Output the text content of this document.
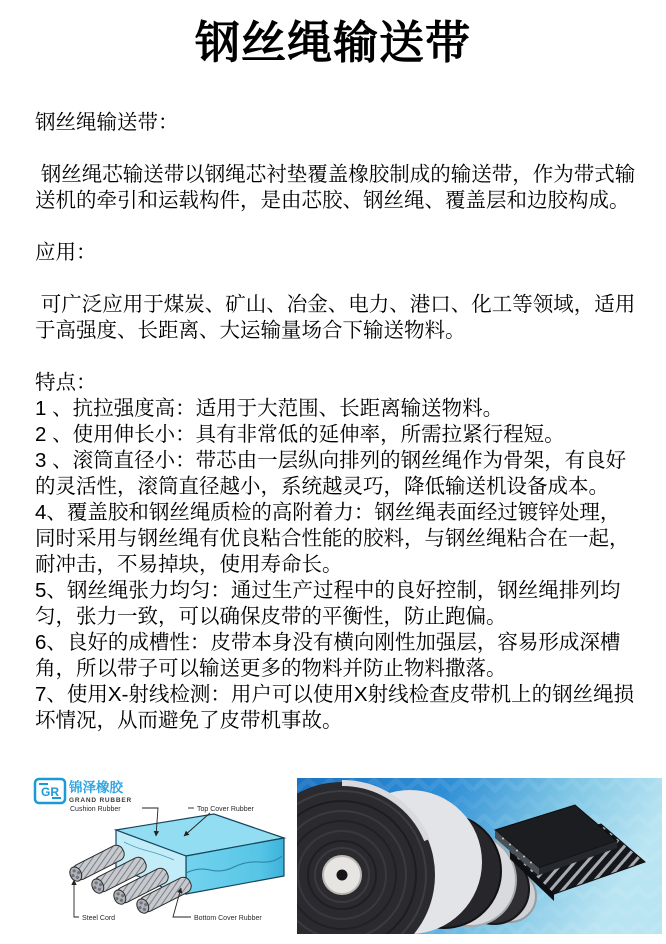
钢丝绳输送带

钢丝绳输送带：

钢丝绳芯输送带以钢绳芯衬垫覆盖橡胶制成的输送带，作为带式输送机的牵引和运载构件，是由芯胶、钢丝绳、覆盖层和边胶构成。

应用：

可广泛应用于煤炭、矿山、冶金、电力、港口、化工等领域，适用于高强度、长距离、大运输量场合下输送物料。

特点：
1 、抗拉强度高：适用于大范围、长距离输送物料。
2 、使用伸长小：具有非常低的延伸率，所需拉紧行程短。
3 、滚筒直径小：带芯由一层纵向排列的钢丝绳作为骨架，有良好的灵活性，滚筒直径越小，系统越灵巧，降低输送机设备成本。
4、覆盖胶和钢丝绳质检的高附着力：钢丝绳表面经过镀锌处理，同时采用与钢丝绳有优良粘合性能的胶料，与钢丝绳粘合在一起，耐冲击，不易掉块，使用寿命长。
5、钢丝绳张力均匀：通过生产过程中的良好控制，钢丝绳排列均匀，张力一致，可以确保皮带的平衡性，防止跑偏。
6、良好的成槽性：皮带本身没有横向刚性加强层，容易形成深槽角，所以带子可以输送更多的物料并防止物料撒落。
7、使用X-射线检测：用户可以使用X射线检查皮带机上的钢丝绳损坏情况，从而避免了皮带机事故。
GR 锦泽橡胶
GRAND RUBBER
Cushion Rubber	Top Cover Rubber
Steel Cord	Bottom Cover Rubber
